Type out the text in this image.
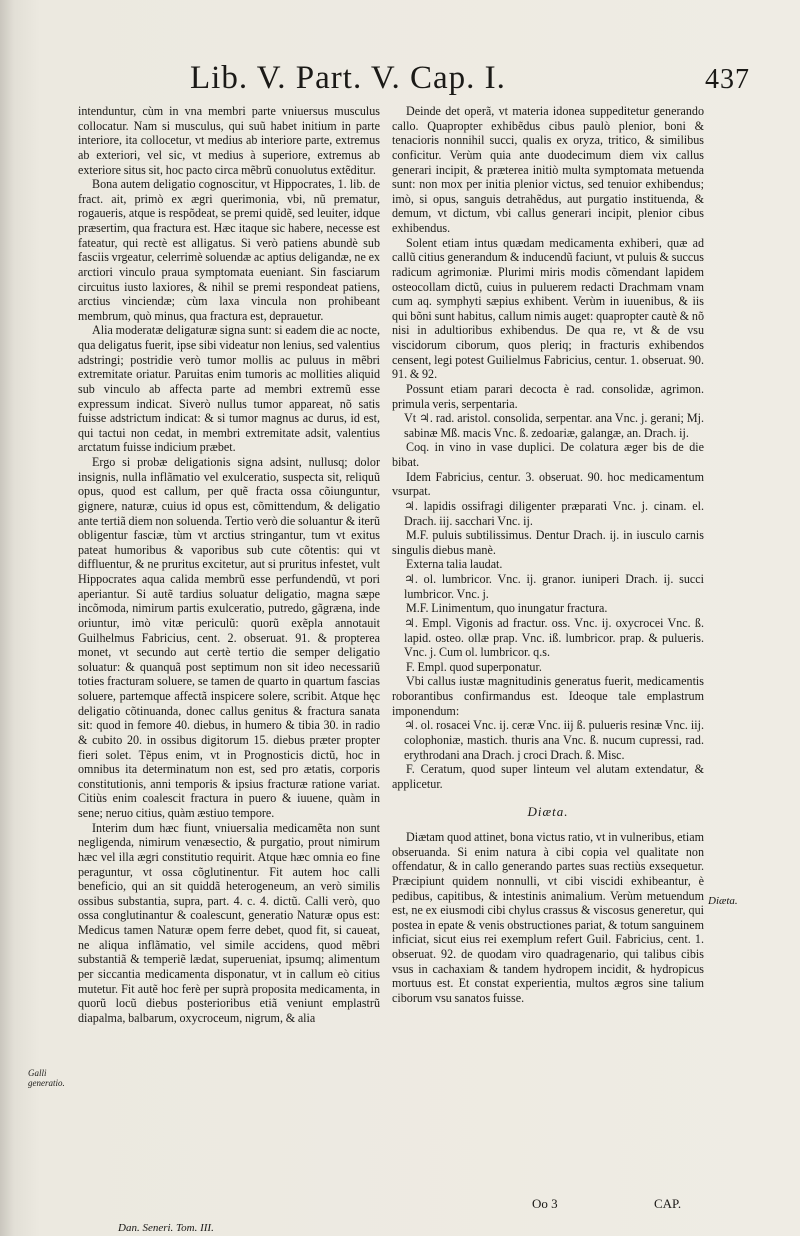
Lib. V. Part. V. Cap. I.	437

intenduntur, cùm in vna membri parte vniuersus musculus collocatur. Nam si musculus, qui suũ habet initium in parte interiore, ita collocetur, vt medius ab interiore parte, extremus ab exteriori, vel sic, vt medius à superiore, extremus ab exteriore situs sit, hoc pacto circa mẽbrũ conuolutus extẽditur.

Bona autem deligatio cognoscitur, vt Hippocrates, 1. lib. de fract. ait, primò ex ægri querimonia, vbi, nũ prematur, rogaueris, atque is respõdeat, se premi quidẽ, sed leuiter, idque præsertim, qua fractura est. Hæc itaque sic habere, necesse est fateatur, qui rectè est alligatus. Si verò patiens abundè sub fasciis vrgeatur, celerrimè soluendæ ac aptius deligandæ, ne ex arctiori vinculo praua symptomata eueniant. Sin fasciarum circuitus iusto laxiores, & nihil se premi respondeat patiens, arctius vinciendæ; cùm laxa vincula non prohibeant membrum, quò minus, qua fractura est, deprauetur.

Alia moderatæ deligaturæ signa sunt: si eadem die ac nocte, qua deligatus fuerit, ipse sibi videatur non lenius, sed valentius adstringi; postridie verò tumor mollis ac puluus in mẽbri extremitate oriatur. Paruitas enim tumoris ac mollities aliquid sub vinculo ab affecta parte ad membri extremũ esse expressum indicat. Siverò nullus tumor appareat, nõ satis fuisse adstrictum indicat: & si tumor magnus ac durus, id est, qui tactui non cedat, in membri extremitate adsit, valentius arctatum fuisse indicium præbet.

Ergo si probæ deligationis signa adsint, nullusq; dolor insignis, nulla inflãmatio vel exulceratio, suspecta sit, reliquũ opus, quod est callum, per quẽ fracta ossa cõiunguntur, gignere, naturæ, cuius id opus est, cõmittendum, & deligatio ante tertiã diem non soluenda. Tertio verò die soluantur & iterũ obligentur fasciæ, tùm vt arctius stringantur, tum vt exitus pateat humoribus & vaporibus sub cute cõtentis: qui vt diffluentur, & ne pruritus excitetur, aut si pruritus infestet, vult Hippocrates aqua calida membrũ esse perfundendũ, vt pori aperiantur. Si autẽ tardius soluatur deligatio, magna sæpe incõmoda, nimirum partis exulceratio, putredo, gãgræna, inde oriuntur, imò vitæ periculũ: quorũ exẽpla annotauit Guilhelmus Fabricius, cent. 2. obseruat. 91. & propterea monet, vt secundo aut certè tertio die semper deligatio soluatur: & quanquã post septimum non sit ideo necessariũ toties fracturam soluere, se tamen de quarto in quartum fascias soluere, partemque affectã inspicere solere, scribit. Atque hęc deligatio cõtinuanda, donec callus genitus & fractura sanata sit: quod in femore 40. diebus, in humero & tibia 30. in radio & cubito 20. in ossibus digitorum 15. diebus præter propter fieri solet. Tẽpus enim, vt in Prognosticis dictũ, hoc in omnibus ita determinatum non est, sed pro ætatis, corporis constitutionis, anni temporis & ipsius fracturæ ratione variat. Citiùs enim coalescit fractura in puero & iuuene, quàm in sene; neruo citius, quàm æstiuo tempore.

Interim dum hæc fiunt, vniuersalia medicamẽta non sunt negligenda, nimirum venæsectio, & purgatio, prout nimirum hæc vel illa ægri constitutio requirit. Atque hæc omnia eo fine peraguntur, vt ossa cõglutinentur. Fit autem hoc calli beneficio, qui an sit quiddã heterogeneum, an verò similis ossibus substantia, supra, part. 4. c. 4. dictũ. Calli verò, quo ossa conglutinantur & coalescunt, generatio Naturæ opus est: Medicus tamen Naturæ opem ferre debet, quod fit, si caueat, ne aliqua inflãmatio, vel simile accidens, quod mẽbri substantiã & temperiẽ lædat, superueniat, ipsumq; alimentum per siccantia medicamenta disponatur, vt in callum eò citius mutetur. Fit autẽ hoc ferè per suprà proposita medicamenta, in quorũ locũ diebus posterioribus etiã veniunt emplastrũ diapalma, balbarum, oxycroceum, nigrum, & alia

Deinde det operã, vt materia idonea suppeditetur generando callo. Quapropter exhibẽdus cibus paulò plenior, boni & tenacioris nonnihil succi, qualis ex oryza, tritico, & similibus conficitur. Verùm quia ante duodecimum diem vix callus generari incipit, & præterea initiò multa symptomata metuenda sunt: non mox per initia plenior victus, sed tenuior exhibendus; imò, si opus, sanguis detrahẽdus, aut purgatio instituenda, & demum, vt dictum, vbi callus generari incipit, plenior cibus exhibendus.

Solent etiam intus quædam medicamenta exhiberi, quæ ad callũ citius generandum & inducendũ faciunt, vt puluis & succus radicum agrimoniæ. Plurimi miris modis cõmendant lapidem osteocollam dictũ, cuius in puluerem redacti Drachmam vnam cum aq. symphyti sæpius exhibent. Verùm in iuuenibus, & iis qui bõni sunt habitus, callum nimis auget: quapropter cautè & nõ nisi in adultioribus exhibendus. De qua re, vt & de vsu viscidorum ciborum, quos pleriq; in fracturis exhibendos censent, legi potest Guilielmus Fabricius, centur. 1. obseruat. 90. 91. & 92.

Possunt etiam parari decocta è rad. consolidæ, agrimon. primula veris, serpentaria.

Vt ♃. rad. aristol. consolida, serpentar. ana Vnc. j. gerani; Mj. sabinæ Mß. macis Vnc. ß. zedoariæ, galangæ, an. Drach. ij.

Coq. in vino in vase duplici. De colatura æger bis de die bibat.

Idem Fabricius, centur. 3. obseruat. 90. hoc medicamentum vsurpat.

♃. lapidis ossifragi diligenter præparati Vnc. j. cinam. el. Drach. iij. sacchari Vnc. ij.

M.F. puluis subtilissimus. Dentur Drach. ij. in iusculo carnis singulis diebus manè.

Externa talia laudat.

♃. ol. lumbricor. Vnc. ij. granor. iuniperi Drach. ij. succi lumbricor. Vnc. j.

M.F. Linimentum, quo inungatur fractura.

♃. Empl. Vigonis ad fractur. oss. Vnc. ij. oxycrocei Vnc. ß. lapid. osteo. ollæ prap. Vnc. iß. lumbricor. prap. & pulueris. Vnc. j. Cum ol. lumbricor. q.s.

F. Empl. quod superponatur.

Vbi callus iustæ magnitudinis generatus fuerit, medicamentis roborantibus confirmandus est. Ideoque tale emplastrum imponendum:

♃. ol. rosacei Vnc. ij. ceræ Vnc. iij ß. pulueris resinæ Vnc. iij. colophoniæ, mastich. thuris ana Vnc. ß. nucum cupressi, rad. erythrodani ana Drach. j croci Drach. ß. Misc.

F. Ceratum, quod super linteum vel alutam extendatur, & applicetur.

Diæta.

Diætam quod attinet, bona victus ratio, vt in vulneribus, etiam obseruanda. Si enim natura à cibi copia vel qualitate non offendatur, & in callo generando partes suas rectiùs exsequetur. Præcipiunt quidem nonnulli, vt cibi viscidi exhibeantur, è pedibus, capitibus, & intestinis animalium. Verùm metuendum est, ne ex eiusmodi cibi chylus crassus & viscosus generetur, qui postea in epate & venis obstructiones pariat, & totum sanguinem inficiat, sicut eius rei exemplum refert Guil. Fabricius, cent. 1. obseruat. 92. de quodam viro quadragenario, qui talibus cibis vsus in cachaxiam & tandem hydropem incidit, & hydropicus mortuus est. Et constat experientia, multos ægros sine talium ciborum vsu sanatos fuisse.

Galli generatio.
Diæta.
Oo 3	CAP.
Dan. Seneri. Tom. III.
